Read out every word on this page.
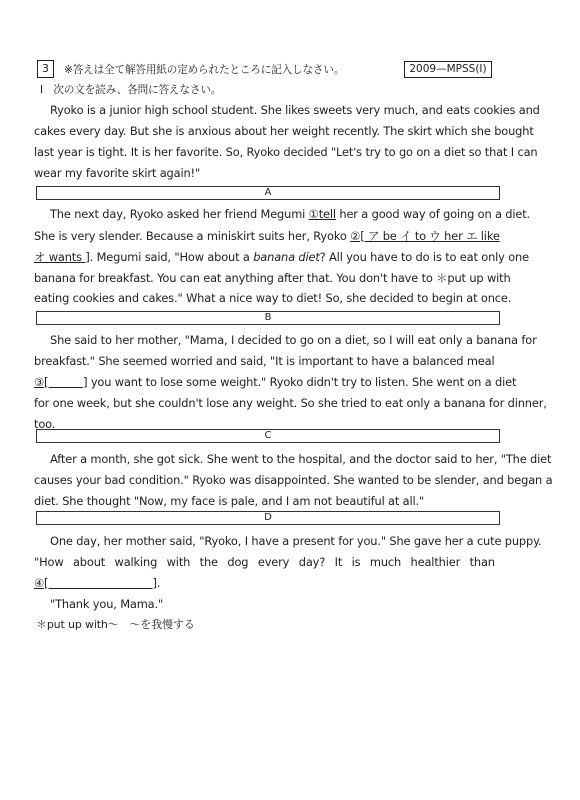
3	※答えは全て解答用紙の定められたところに記入しなさい。	2009—MPSS(Ⅰ)
Ⅰ　次の文を読み、各問に答えなさい。
Ryoko is a junior high school student. She likes sweets very much, and eats cookies and
cakes every day. But she is anxious about her weight recently. The skirt which she bought
last year is tight. It is her favorite. So, Ryoko decided "Let's try to go on a diet so that I can
wear my favorite skirt again!"
A
The next day, Ryoko asked her friend Megumi ①tell her a good way of going on a diet.
She is very slender. Because a miniskirt suits her, Ryoko ②[ ア be イ to ウ her エ like
オ wants ]. Megumi said, "How about a banana diet? All you have to do is to eat only one
banana for breakfast. You can eat anything after that. You don't have to ＊put up with
eating cookies and cakes." What a nice way to diet! So, she decided to begin at once.
B
She said to her mother, "Mama, I decided to go on a diet, so I will eat only a banana for
breakfast." She seemed worried and said, "It is important to have a balanced meal
③[          ] you want to lose some weight." Ryoko didn't try to listen. She went on a diet
for one week, but she couldn't lose any weight. So she tried to eat only a banana for dinner,
too.
C
After a month, she got sick. She went to the hospital, and the doctor said to her, "The diet
causes your bad condition." Ryoko was disappointed. She wanted to be slender, and began a
diet. She thought "Now, my face is pale, and I am not beautiful at all."
D
One day, her mother said, "Ryoko, I have a present for you." She gave her a cute puppy.
"How about walking with the dog every day? It is much healthier than
④[                              ].
"Thank you, Mama."
＊put up with～　～を我慢する
